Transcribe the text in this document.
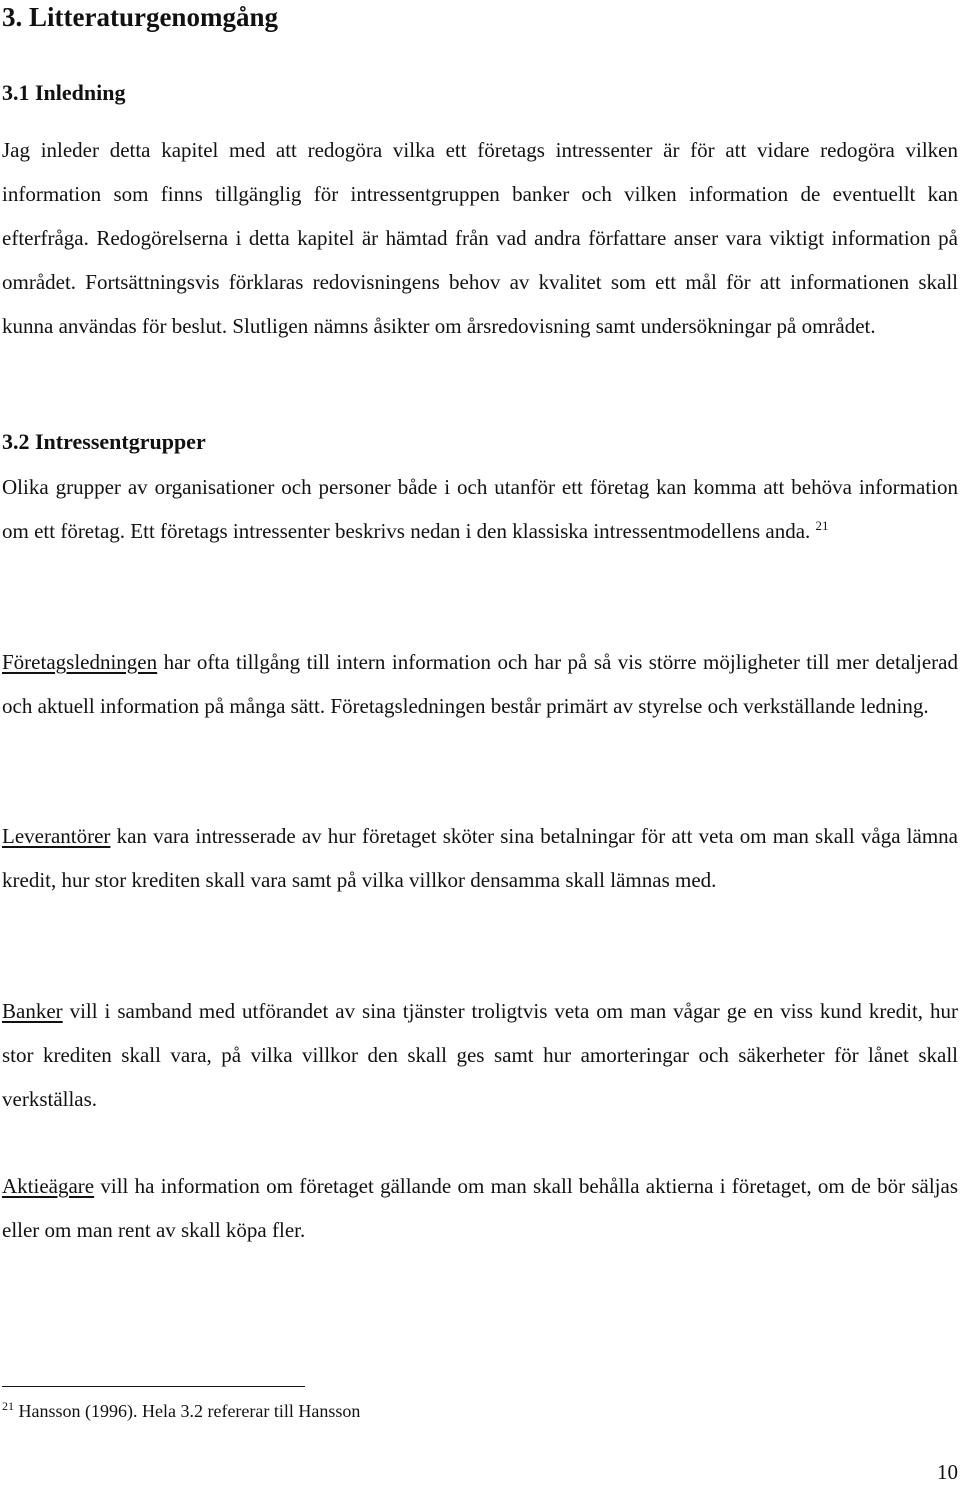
3. Litteraturgenomgång
3.1 Inledning

Jag inleder detta kapitel med att redogöra vilka ett företags intressenter är för att vidare redogöra vilken information som finns tillgänglig för intressentgruppen banker och vilken information de eventuellt kan efterfråga. Redogörelserna i detta kapitel är hämtad från vad andra författare anser vara viktigt information på området. Fortsättningsvis förklaras redovisningens behov av kvalitet som ett mål för att informationen skall kunna användas för beslut. Slutligen nämns åsikter om årsredovisning samt undersökningar på området.

3.2 Intressentgrupper

Olika grupper av organisationer och personer både i och utanför ett företag kan komma att behöva information om ett företag. Ett företags intressenter beskrivs nedan i den klassiska intressentmodellens anda. $^{21}$

Företagsledningen har ofta tillgång till intern information och har på så vis större möjligheter till mer detaljerad och aktuell information på många sätt. Företagsledningen består primärt av styrelse och verkställande ledning.

Leverantörer kan vara intresserade av hur företaget sköter sina betalningar för att veta om man skall våga lämna kredit, hur stor krediten skall vara samt på vilka villkor densamma skall lämnas med.

Banker vill i samband med utförandet av sina tjänster troligtvis veta om man vågar ge en viss kund kredit, hur stor krediten skall vara, på vilka villkor den skall ges samt hur amorteringar och säkerheter för lånet skall verkställas.

Aktieägare vill ha information om företaget gällande om man skall behålla aktierna i företaget, om de bör säljas eller om man rent av skall köpa fler.

$^{21}$ Hansson (1996). Hela 3.2 refererar till Hansson

10
